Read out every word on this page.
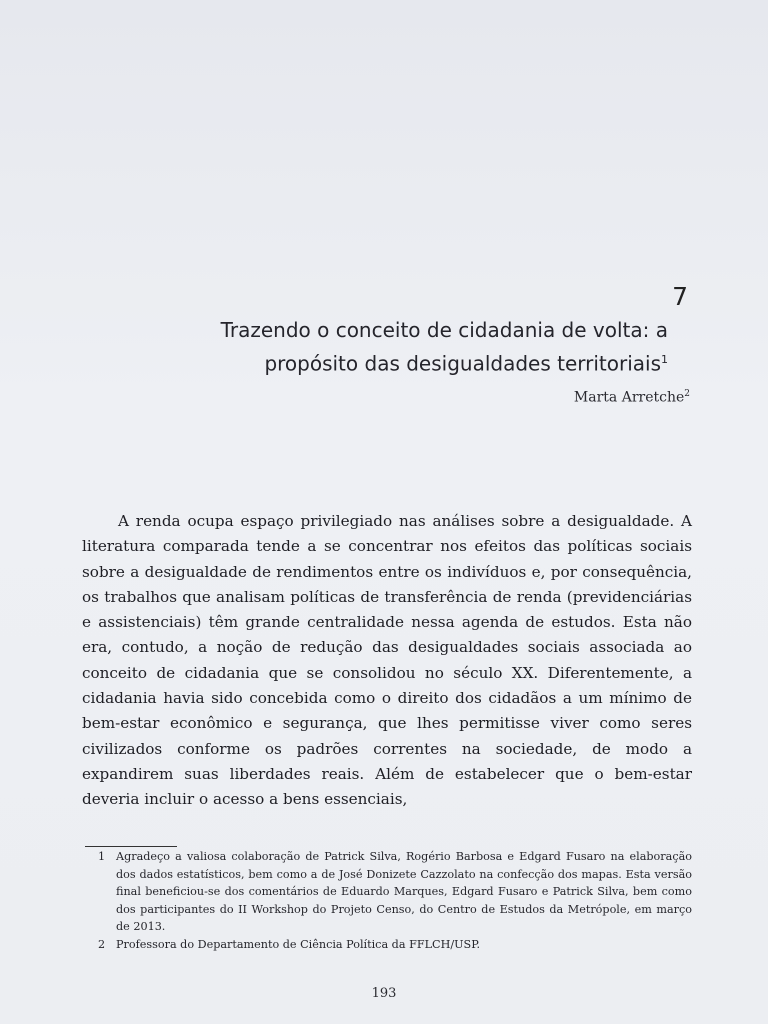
7
Trazendo o conceito de cidadania de volta: a
propósito das desigualdades territoriais$^1$
Marta Arretche$^2$

A renda ocupa espaço privilegiado nas análises sobre a desigualdade. A literatura comparada tende a se concentrar nos efeitos das políticas sociais sobre a desigualdade de rendimentos entre os indivíduos e, por consequência, os trabalhos que analisam políticas de transferência de renda (previdenciárias e assistenciais) têm grande centralidade nessa agenda de estudos. Esta não era, contudo, a noção de redução das desigualdades sociais associada ao conceito de cidadania que se consolidou no século XX. Diferentemente, a cidadania havia sido concebida como o direito dos cidadãos a um mínimo de bem-estar econômico e segurança, que lhes permitisse viver como seres civilizados conforme os padrões correntes na sociedade, de modo a expandirem suas liberdades reais. Além de estabelecer que o bem-estar deveria incluir o acesso a bens essenciais,

1 Agradeço a valiosa colaboração de Patrick Silva, Rogério Barbosa e Edgard Fusaro na elaboração dos dados estatísticos, bem como a de José Donizete Cazzolato na confecção dos mapas. Esta versão final beneficiou-se dos comentários de Eduardo Marques, Edgard Fusaro e Patrick Silva, bem como dos participantes do II Workshop do Projeto Censo, do Centro de Estudos da Metrópole, em março de 2013.
2 Professora do Departamento de Ciência Política da FFLCH/USP.
193
